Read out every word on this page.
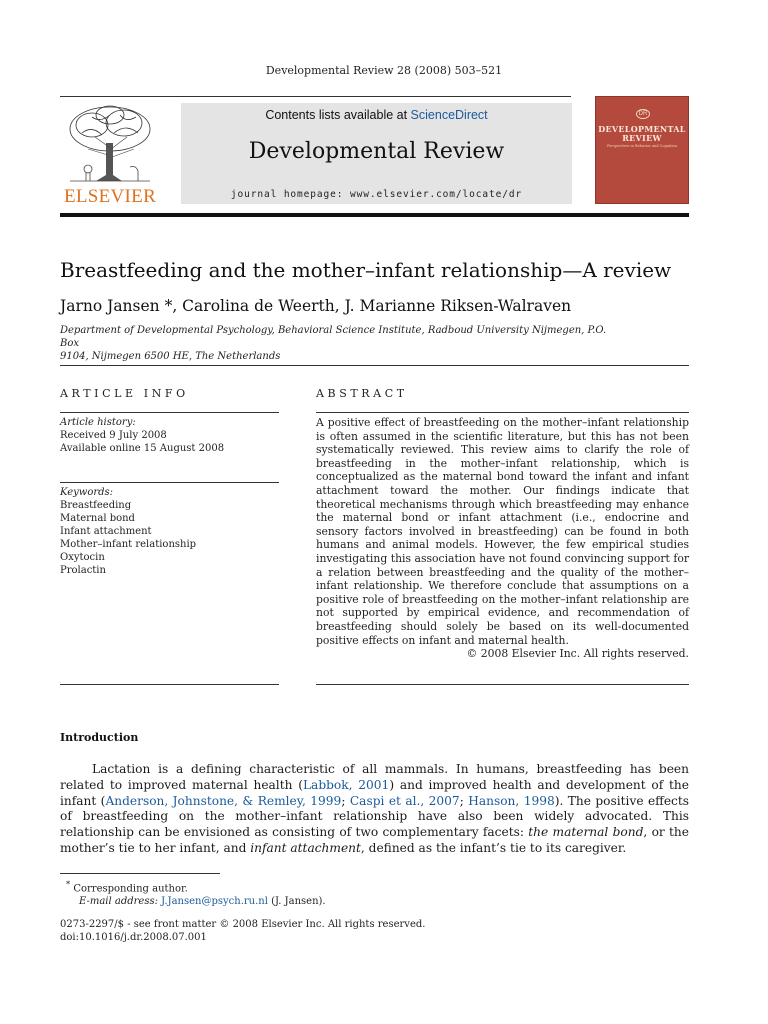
Developmental Review 28 (2008) 503–521
ELSEVIER
Contents lists available at ScienceDirect
Developmental Review
journal homepage: www.elsevier.com/locate/dr
DR
DEVELOPMENTAL
REVIEW
Perspectives in Behavior and Cognition
Breastfeeding and the mother–infant relationship—A review
Jarno Jansen *, Carolina de Weerth, J. Marianne Riksen-Walraven
Department of Developmental Psychology, Behavioral Science Institute, Radboud University Nijmegen, P.O. Box
9104, Nijmegen 6500 HE, The Netherlands
ARTICLE INFO	ABSTRACT
Article history:
Received 9 July 2008
Available online 15 August 2008
Keywords:
Breastfeeding
Maternal bond
Infant attachment
Mother–infant relationship
Oxytocin
Prolactin
A positive effect of breastfeeding on the mother–infant relationship is often assumed in the scientific literature, but this has not been systematically reviewed. This review aims to clarify the role of breastfeeding in the mother–infant relationship, which is conceptualized as the maternal bond toward the infant and infant attachment toward the mother. Our findings indicate that theoretical mechanisms through which breastfeeding may enhance the maternal bond or infant attachment (i.e., endocrine and sensory factors involved in breastfeeding) can be found in both humans and animal models. However, the few empirical studies investigating this association have not found convincing support for a relation between breastfeeding and the quality of the mother–infant relationship. We therefore conclude that assumptions on a positive role of breastfeeding on the mother–infant relationship are not supported by empirical evidence, and recommendation of breastfeeding should solely be based on its well-documented positive effects on infant and maternal health.
© 2008 Elsevier Inc. All rights reserved.
Introduction
Lactation is a defining characteristic of all mammals. In humans, breastfeeding has been related to improved maternal health (Labbok, 2001) and improved health and development of the infant (Anderson, Johnstone, & Remley, 1999; Caspi et al., 2007; Hanson, 1998). The positive effects of breastfeeding on the mother–infant relationship have also been widely advocated. This relationship can be envisioned as consisting of two complementary facets: the maternal bond, or the mother’s tie to her infant, and infant attachment, defined as the infant’s tie to its caregiver.
* Corresponding author.
E-mail address: J.Jansen@psych.ru.nl (J. Jansen).
0273-2297/$ - see front matter © 2008 Elsevier Inc. All rights reserved.
doi:10.1016/j.dr.2008.07.001
